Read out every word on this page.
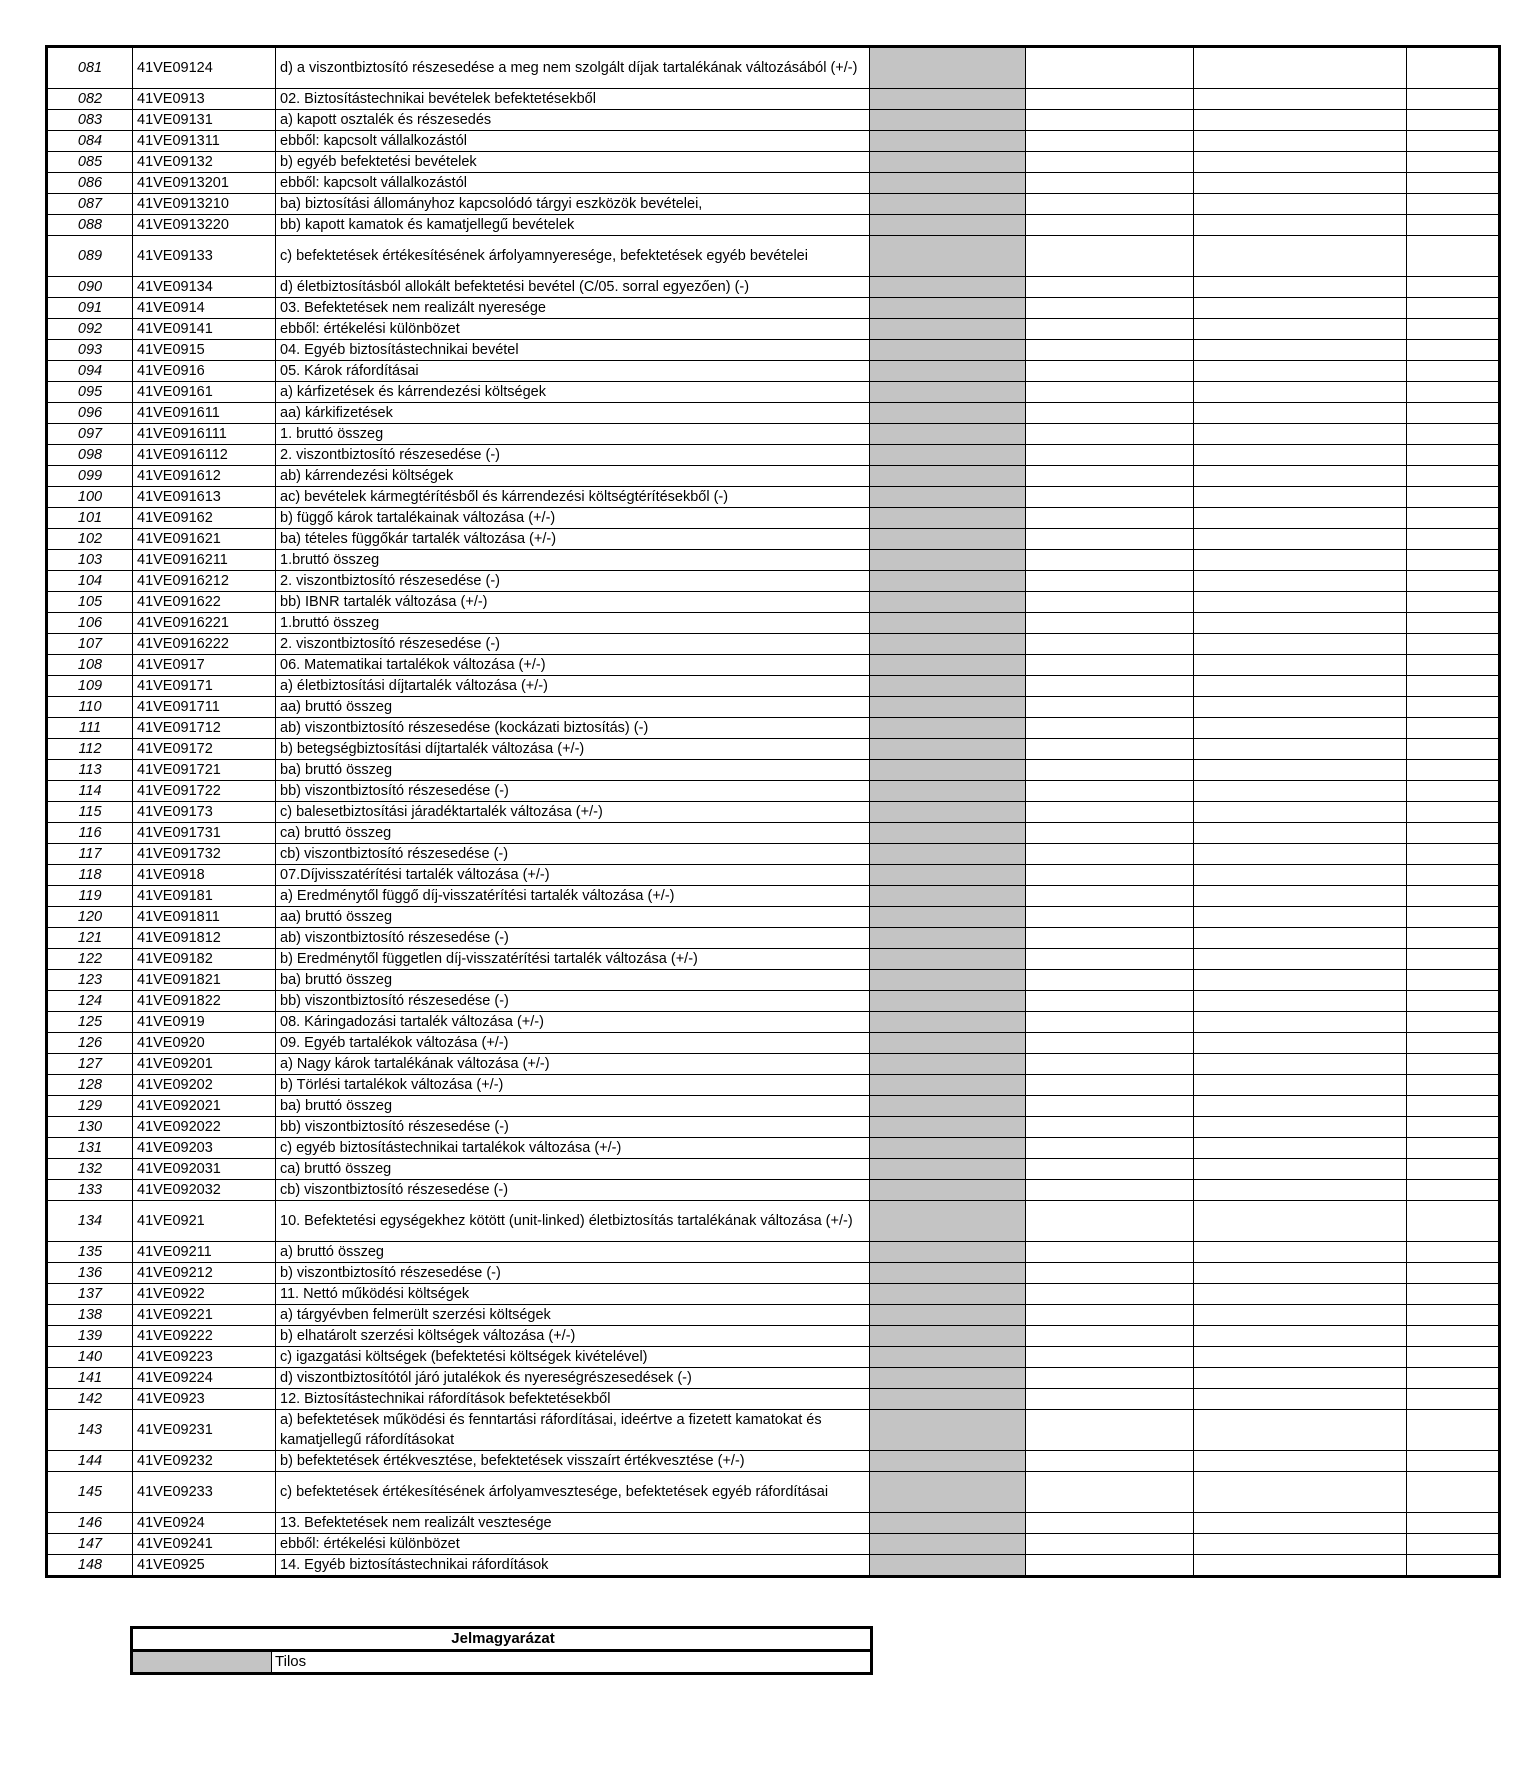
081	41VE09124	d) a viszontbiztosító részesedése a meg nem szolgált díjak tartalékának változásából (+/-)				
082	41VE0913	02. Biztosítástechnikai bevételek befektetésekből				
083	41VE09131	a) kapott osztalék és részesedés				
084	41VE091311	ebből: kapcsolt vállalkozástól				
085	41VE09132	b) egyéb befektetési bevételek				
086	41VE0913201	ebből: kapcsolt vállalkozástól				
087	41VE0913210	ba) biztosítási állományhoz kapcsolódó tárgyi eszközök bevételei,				
088	41VE0913220	bb) kapott kamatok és kamatjellegű bevételek				
089	41VE09133	c) befektetések értékesítésének árfolyamnyeresége, befektetések egyéb bevételei				
090	41VE09134	d) életbiztosításból allokált befektetési bevétel (C/05. sorral egyezően) (-)				
091	41VE0914	03. Befektetések nem realizált nyeresége				
092	41VE09141	ebből: értékelési különbözet				
093	41VE0915	04. Egyéb biztosítástechnikai bevétel				
094	41VE0916	05. Károk ráfordításai				
095	41VE09161	a) kárfizetések és kárrendezési költségek				
096	41VE091611	aa) kárkifizetések				
097	41VE0916111	1. bruttó összeg				
098	41VE0916112	2. viszontbiztosító részesedése (-)				
099	41VE091612	ab) kárrendezési költségek				
100	41VE091613	ac) bevételek kármegtérítésből és kárrendezési költségtérítésekből (-)				
101	41VE09162	b) függő károk tartalékainak változása (+/-)				
102	41VE091621	ba) tételes függőkár tartalék változása (+/-)				
103	41VE0916211	1.bruttó összeg				
104	41VE0916212	2. viszontbiztosító részesedése (-)				
105	41VE091622	bb) IBNR tartalék változása (+/-)				
106	41VE0916221	1.bruttó összeg				
107	41VE0916222	2. viszontbiztosító részesedése (-)				
108	41VE0917	06. Matematikai tartalékok változása (+/-)				
109	41VE09171	a) életbiztosítási díjtartalék változása (+/-)				
110	41VE091711	aa) bruttó összeg				
111	41VE091712	ab) viszontbiztosító részesedése (kockázati biztosítás) (-)				
112	41VE09172	b) betegségbiztosítási díjtartalék változása (+/-)				
113	41VE091721	ba) bruttó összeg				
114	41VE091722	bb) viszontbiztosító részesedése (-)				
115	41VE09173	c) balesetbiztosítási járadéktartalék változása (+/-)				
116	41VE091731	ca) bruttó összeg				
117	41VE091732	cb) viszontbiztosító részesedése (-)				
118	41VE0918	07.Díjvisszatérítési tartalék változása (+/-)				
119	41VE09181	a) Eredménytől függő díj-visszatérítési tartalék változása (+/-)				
120	41VE091811	aa) bruttó összeg				
121	41VE091812	ab) viszontbiztosító részesedése (-)				
122	41VE09182	b) Eredménytől független díj-visszatérítési tartalék változása (+/-)				
123	41VE091821	ba) bruttó összeg				
124	41VE091822	bb) viszontbiztosító részesedése (-)				
125	41VE0919	08. Káringadozási tartalék változása (+/-)				
126	41VE0920	09. Egyéb tartalékok változása (+/-)				
127	41VE09201	a) Nagy károk tartalékának változása (+/-)				
128	41VE09202	b) Törlési tartalékok változása (+/-)				
129	41VE092021	ba) bruttó összeg				
130	41VE092022	bb) viszontbiztosító részesedése (-)				
131	41VE09203	c) egyéb biztosítástechnikai tartalékok változása (+/-)				
132	41VE092031	ca) bruttó összeg				
133	41VE092032	cb) viszontbiztosító részesedése (-)				
134	41VE0921	10. Befektetési egységekhez kötött (unit-linked) életbiztosítás tartalékának változása (+/-)				
135	41VE09211	a) bruttó összeg				
136	41VE09212	b) viszontbiztosító részesedése (-)				
137	41VE0922	11. Nettó működési költségek				
138	41VE09221	a) tárgyévben felmerült szerzési költségek				
139	41VE09222	b) elhatárolt szerzési költségek változása (+/-)				
140	41VE09223	c) igazgatási költségek (befektetési költségek kivételével)				
141	41VE09224	d) viszontbiztosítótól járó jutalékok és nyereségrészesedések (-)				
142	41VE0923	12. Biztosítástechnikai ráfordítások befektetésekből				
143	41VE09231	a) befektetések működési és fenntartási ráfordításai, ideértve a fizetett kamatokat és kamatjellegű ráfordításokat				
144	41VE09232	b) befektetések értékvesztése, befektetések visszaírt értékvesztése (+/-)				
145	41VE09233	c) befektetések értékesítésének árfolyamvesztesége, befektetések egyéb ráfordításai				
146	41VE0924	13. Befektetések nem realizált vesztesége				
147	41VE09241	ebből: értékelési különbözet				
148	41VE0925	14. Egyéb biztosítástechnikai ráfordítások				
Jelmagyarázat
	Tilos
